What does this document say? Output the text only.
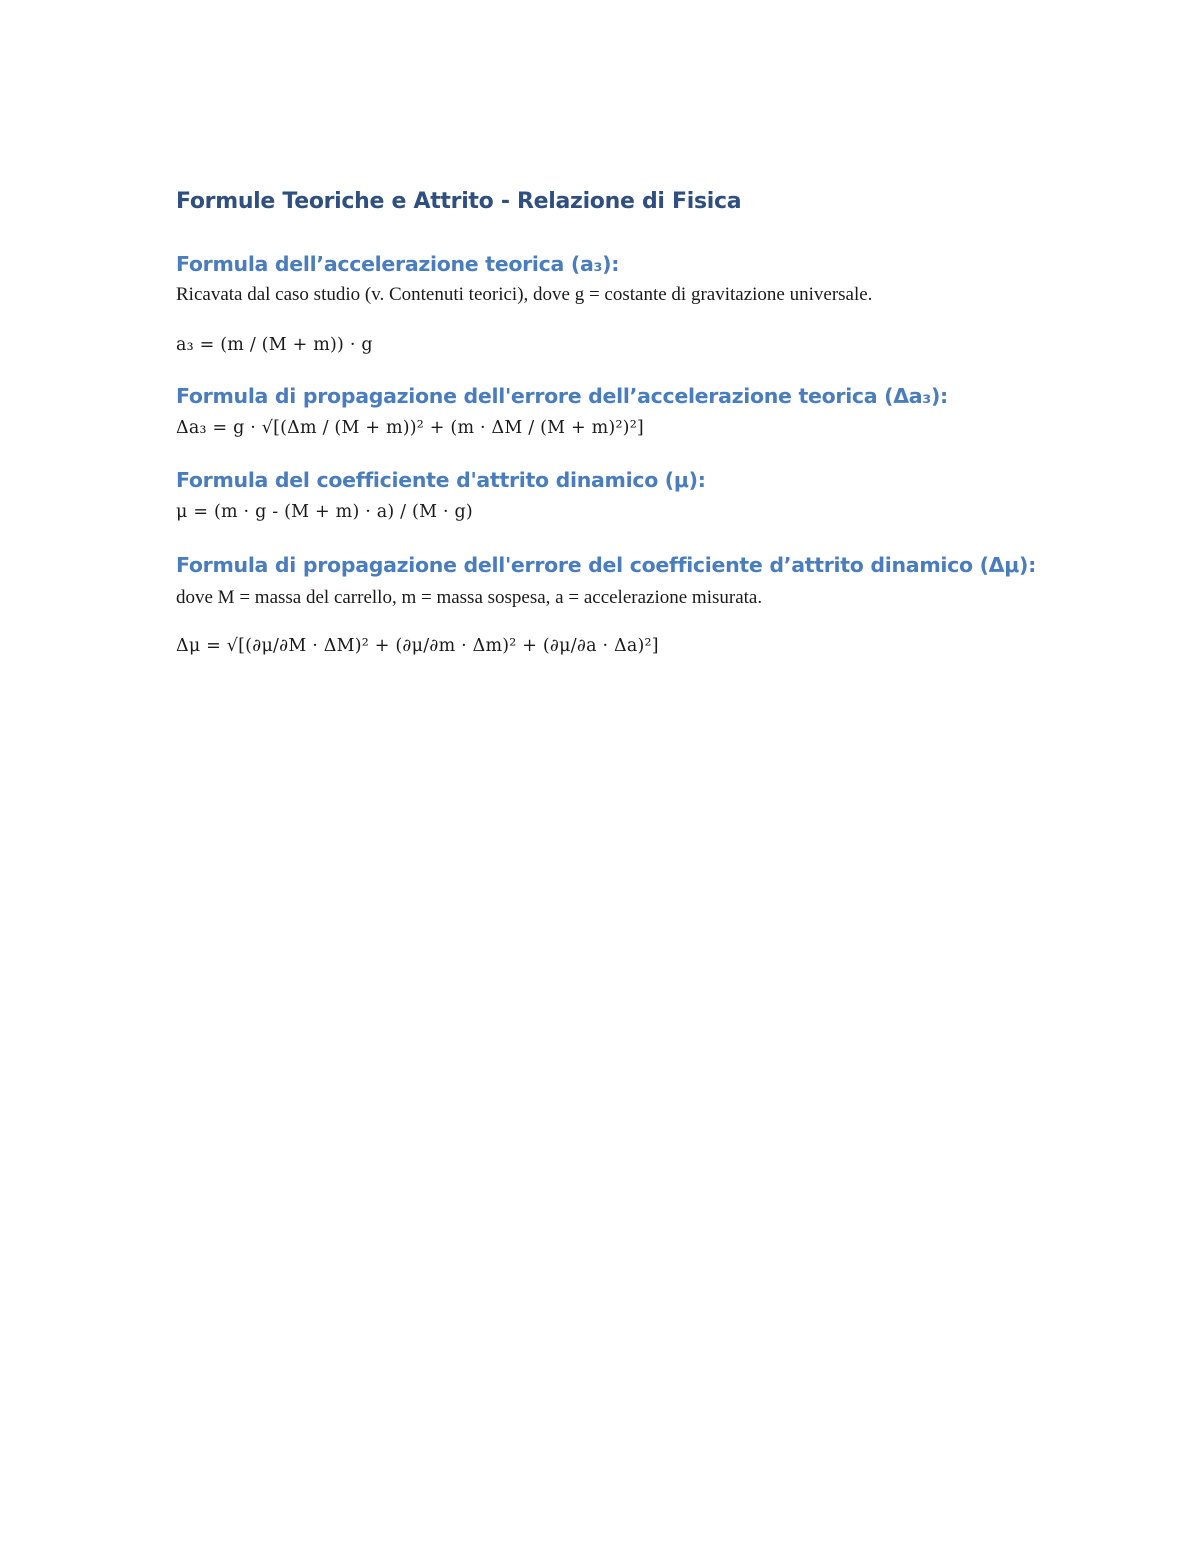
Formule Teoriche e Attrito - Relazione di Fisica
Formula dell’accelerazione teorica (a₃):

Ricavata dal caso studio (v. Contenuti teorici), dove g = costante di gravitazione universale.

a₃ = (m / (M + m)) · g

Formula di propagazione dell'errore dell’accelerazione teorica (Δa₃):

Δa₃ = g · √[(Δm / (M + m))² + (m · ΔM / (M + m)²)²]

Formula del coefficiente d'attrito dinamico (μ):

μ = (m · g - (M + m) · a) / (M · g)

Formula di propagazione dell'errore del coefficiente d’attrito dinamico (Δμ):

dove M = massa del carrello, m = massa sospesa, a = accelerazione misurata.

Δμ = √[(∂μ/∂M · ΔM)² + (∂μ/∂m · Δm)² + (∂μ/∂a · Δa)²]
